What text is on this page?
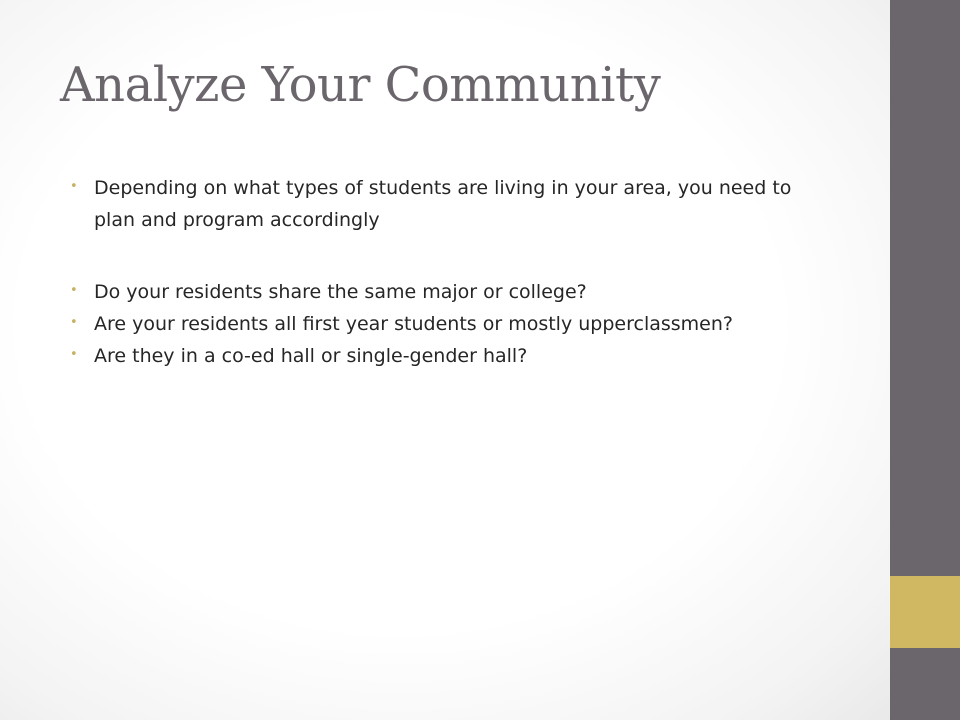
Analyze Your Community
• Depending on what types of students are living in your area, you need to plan and program accordingly
• Do your residents share the same major or college?
• Are your residents all first year students or mostly upperclassmen?
• Are they in a co-ed hall or single-gender hall?
